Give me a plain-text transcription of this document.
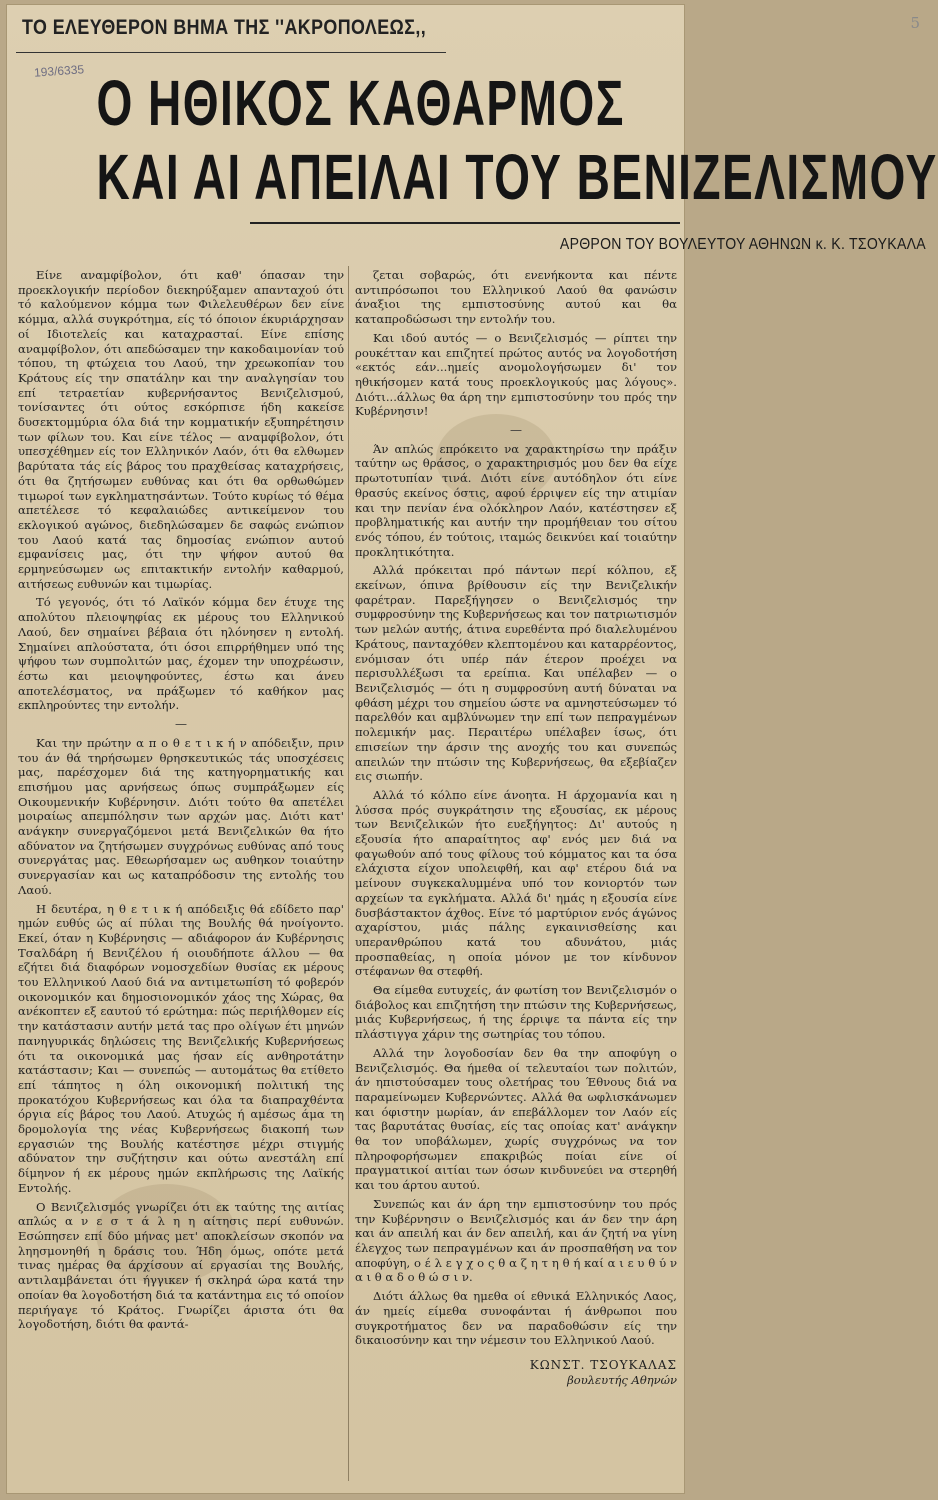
ΤΟ ΕΛΕΥΘΕΡΟΝ ΒΗΜΑ ΤΗΣ ''ΑΚΡΟΠΟΛΕΩΣ,,
193/6335
5
Ο ΗΘΙΚΟΣ ΚΑΘΑΡΜΟΣ
ΚΑΙ ΑΙ ΑΠΕΙΛΑΙ ΤΟΥ ΒΕΝΙΖΕΛΙΣΜΟΥ
ΑΡΘΡΟΝ ΤΟΥ ΒΟΥΛΕΥΤΟΥ ΑΘΗΝΩΝ κ. Κ. ΤΣΟΥΚΑΛΑ

Είνε αναμφίβολον, ότι καθ' όπασαν την προεκλογικήν περίοδον διεκηρύξαμεν απανταχού ότι τό καλούμενον κόμμα των Φιλελευθέρων δεν είνε κόμμα, αλλά συγκρότημα, είς τό όποιον έκυριάρχησαν οί Ιδιοτελείς και καταχρασταί. Είνε επίσης αναμφίβολον, ότι απεδώσαμεν την κακοδαιμονίαν τού τόπου, τη φτώχεια του Λαού, την χρεωκοπίαν του Κράτους είς την σπατάλην και την αναλγησίαν του επί τετραετίαν κυβερνήσαντος Βενιζελισμού, τονίσαντες ότι ούτος εσκόρπισε ήδη κακείσε δυσεκτομμύρια όλα διά την κομματικήν εξυπηρέτησιν των φίλων του. Και είνε τέλος — αναμφίβολον, ότι υπεσχέθημεν είς τον Ελληνικόν Λαόν, ότι θα ελθωμεν βαρύτατα τάς είς βάρος του πραχθείσας καταχρήσεις, ότι θα ζητήσωμεν ευθύνας και ότι θα ορθωθώμεν τιμωροί των εγκληματησάντων. Τούτο κυρίως τό θέμα απετέλεσε τό κεφαλαιώδες αντικείμενον του εκλογικού αγώνος, διεδηλώσαμεν δε σαφώς ενώπιον του Λαού κατά τας δημοσίας ενώπιον αυτού εμφανίσεις μας, ότι την ψήφον αυτού θα ερμηνεύσωμεν ως επιτακτικήν εντολήν καθαρμού, αιτήσεως ευθυνών και τιμωρίας.

Τό γεγονός, ότι τό Λαϊκόν κόμμα δεν έτυχε της απολύτου πλειοψηφίας εκ μέρους του Ελληνικού Λαού, δεν σημαίνει βέβαια ότι ηλόνησεν η εντολή. Σημαίνει απλούστατα, ότι όσοι επιρρήθημεν υπό της ψήφου των συμπολιτών μας, έχομεν την υποχρέωσιν, έστω και μειοψηφούντες, έστω και άνευ αποτελέσματος, να πράξωμεν τό καθήκον μας εκπληρούντες την εντολήν.

—

Και την πρώτην α π ο θ ε τ ι κ ή ν απόδειξιν, πριν του άν θά τηρήσωμεν θρησκευτικώς τάς υποσχέσεις μας, παρέσχομεν διά της κατηγορηματικής και επισήμου μας αρνήσεως όπως συμπράξωμεν είς Οικουμενικήν Κυβέρνησιν. Διότι τούτο θα απετέλει μοιραίως απεμπόλησιν των αρχών μας. Διότι κατ' ανάγκην συνεργαζόμενοι μετά Βενιζελικών θα ήτο αδύνατον να ζητήσωμεν συγχρόνως ευθύνας από τους συνεργάτας μας. Εθεωρήσαμεν ως αυθηκον τοιαύτην συνεργασίαν και ως καταπρόδοσιν της εντολής του Λαού.

Η δευτέρα, η θ ε τ ι κ ή απόδειξις θά εδίδετο παρ' ημών ευθύς ώς αί πύλαι της Βουλής θά ηνοίγοντο. Εκεί, όταν η Κυβέρνησις — αδιάφορον άν Κυβέρνησις Τσαλδάρη ή Βενιζέλου ή οιουδήποτε άλλου — θα εζήτει διά διαφόρων νομοσχεδίων θυσίας εκ μέρους του Ελληνικού Λαού διά να αντιμετωπίση τό φοβερόν οικονομικόν και δημοσιονομικόν χάος της Χώρας, θα ανέκοπτεν εξ εαυτού τό ερώτημα: πώς περιήλθομεν είς την κατάστασιν αυτήν μετά τας προ ολίγων έτι μηνών πανηγυρικάς δηλώσεις της Βενιζελικής Κυβερνήσεως ότι τα οικονομικά μας ήσαν είς ανθηροτάτην κατάστασιν; Και — συνεπώς — αυτομάτως θα ετίθετο επί τάπητος η όλη οικονομική πολιτική της προκατόχου Κυβερνήσεως και όλα τα διαπραχθέντα όργια είς βάρος του Λαού. Ατυχώς ή αμέσως άμα τη δρομολογία της νέας Κυβερνήσεως διακοπή των εργασιών της Βουλής κατέστησε μέχρι στιγμής αδύνατον την συζήτησιν και ούτω ανεστάλη επί δίμηνον ή εκ μέρους ημών εκπλήρωσις της Λαϊκής Εντολής.

Ο Βενιζελισμός γνωρίζει ότι εκ ταύτης της αιτίας απλώς α ν ε σ τ ά λ η η αίτησις περί ευθυνών. Εσώπησεν επί δύο μήνας μετ' αποκλείσων σκοπόν να ληησμονηθή η δράσις του. Ήδη όμως, οπότε μετά τινας ημέρας θα άρχίσουν αί εργασίαι της Βουλής, αντιλαμβάνεται ότι ήγγικεν ή σκληρά ώρα κατά την οποίαν θα λογοδοτήση διά τα κατάντημα εις τό οποίον περιήγαγε τό Κράτος. Γνωρίζει άριστα ότι θα λογοδοτήση, διότι θα φαντά-

ζεται σοβαρώς, ότι ενενήκοντα και πέντε αντιπρόσωποι του Ελληνικού Λαού θα φανώσιν άναξιοι της εμπιστοσύνης αυτού και θα καταπροδώσωσι την εντολήν του.

Και ιδού αυτός — ο Βενιζελισμός — ρίπτει την ρουκέτταν και επιζητεί πρώτος αυτός να λογοδοτήση «εκτός εάν...ημείς ανομολογήσωμεν δι' τον ηθικήσομεν κατά τους προεκλογικούς μας λόγους». Διότι...άλλως θα άρη την εμπιστοσύνην του πρός την Κυβέρνησιν!

—

Άν απλώς επρόκειτο να χαρακτηρίσω την πράξιν ταύτην ως θράσος, ο χαρακτηρισμός μου δεν θα είχε πρωτοτυπίαν τινά. Διότι είνε αυτόδηλον ότι είνε θρασύς εκείνος όστις, αφού έρριψεν είς την ατιμίαν και την πενίαν ένα ολόκληρον Λαόν, κατέστησεν εξ προβληματικής και αυτήν την προμήθειαν του σίτου ενός τόπου, έν τούτοις, ιταμώς δεικνύει καί τοιαύτην προκλητικότητα.

Αλλά πρόκειται πρό πάντων περί κόλπου, εξ εκείνων, όπινα βρίθουσιν είς την Βενιζελικήν φαρέτραν. Παρεξήγησεν ο Βενιζελισμός την συμφροσύνην της Κυβερνήσεως και τον πατριωτισμόν των μελών αυτής, άτινα ευρεθέντα πρό διαλελυμένου Κράτους, πανταχόθεν κλεπτομένου και καταρρέοντος, ενόμισαν ότι υπέρ πάν έτερον προέχει να περισυλλέξωσι τα ερείπια. Και υπέλαβεν — ο Βενιζελισμός — ότι η συμφροσύνη αυτή δύναται να φθάση μέχρι του σημείου ώστε να αμνηστεύσωμεν τό παρελθόν και αμβλύνωμεν την επί των πεπραγμένων πολεμικήν μας. Περαιτέρω υπέλαβεν ίσως, ότι επισείων την άρσιν της ανοχής του και συνεπώς απειλών την πτώσιν της Κυβερνήσεως, θα εξεβίαζεν εις σιωπήν.

Αλλά τό κόλπο είνε άνοητα. Η άρχομανία και η λύσσα πρός συγκράτησιν της εξουσίας, εκ μέρους των Βενιζελικών ήτο ευεξήγητος: Δι' αυτούς η εξουσία ήτο απαραίτητος αφ' ενός μεν διά να φαγωθούν από τους φίλους τού κόμματος και τα όσα ελάχιστα είχον υπολειφθή, και αφ' ετέρου διά να μείνουν συγκεκαλυμμένα υπό τον κονιορτόν των αρχείων τα εγκλήματα. Αλλά δι' ημάς η εξουσία είνε δυσβάστακτον άχθος. Είνε τό μαρτύριον ενός άγώνος αχαρίστου, μιάς πάλης εγκαινισθείσης και υπερανθρώπου κατά του αδυνάτου, μιάς προσπαθείας, η οποία μόνον με τον κίνδυνον στέφανων θα στεφθή.

Θα είμεθα ευτυχείς, άν φωτίση τον Βενιζελισμόν ο διάβολος και επιζητήση την πτώσιν της Κυβερνήσεως, μιάς Κυβερνήσεως, ή της έρριψε τα πάντα είς την πλάστιγγα χάριν της σωτηρίας του τόπου.

Αλλά την λογοδοσίαν δεν θα την αποφύγη ο Βενιζελισμός. Θα ήμεθα οί τελευταίοι των πολιτών, άν ηπιστούσαμεν τους ολετήρας του Έθνους διά να παραμείνωμεν Κυβερνώντες. Αλλά θα ωφλισκάνωμεν και όφιστην μωρίαν, άν επεβάλλομεν τον Λαόν είς τας βαρυτάτας θυσίας, είς τας οποίας κατ' ανάγκην θα τον υποβάλωμεν, χωρίς συγχρόνως να τον πληροφορήσωμεν επακριβώς ποίαι είνε οί πραγματικοί αιτίαι των όσων κινδυνεύει να στερηθή και του άρτου αυτού.

Συνεπώς και άν άρη την εμπιστοσύνην του πρός την Κυβέρνησιν ο Βενιζελισμός και άν δεν την άρη και άν απειλή και άν δεν απειλή, και άν ζητή να γίνη έλεγχος των πεπραγμένων και άν προσπαθήση να τον αποφύγη, ο έ λ ε γ χ ο ς θ α ζ η τ η θ ή καί α ι ε υ θ ύ ν α ι θ α δ ο θ ώ σ ι ν.

Διότι άλλως θα ημεθα οί εθνικά Ελληνικός Λαος, άν ημείς είμεθα συνοφάνται ή άνθρωποι που συγκροτήματος δεν να παραδοθώσιν είς την δικαιοσύνην και την νέμεσιν του Ελληνικού Λαού.

ΚΩΝΣΤ. ΤΣΟΥΚΑΛΑΣ
βουλευτής Αθηνών
